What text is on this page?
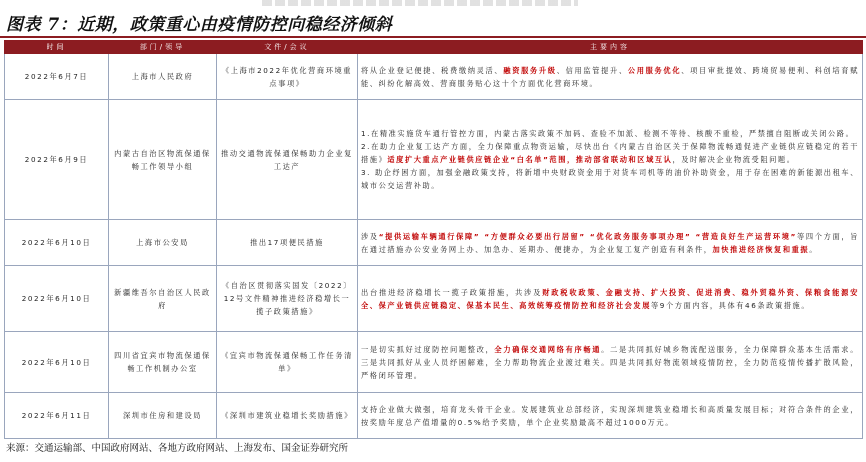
图表 7：近期，政策重心由疫情防控向稳经济倾斜
时间	部门/领导	文件/会议	主要内容
2022年6月7日	上海市人民政府	《上海市2022年优化营商环境重点事项》	将从企业登记便捷、税费缴纳灵活、融资服务升级、信用监管提升、公用服务优化、项目审批提效、跨境贸易便利、科创培育赋能、纠纷化解高效、营商服务贴心这十个方面优化营商环境。
2022年6月9日	内蒙古自治区物流保通保畅工作领导小组	推动交通物流保通保畅助力企业复工达产	1.在精准实施货车通行管控方面，内蒙古落实政策不加码、查验不加派、检测不等待、核酸不重检，严禁擅自阻断或关闭公路。
2.在助力企业复工达产方面，全力保障重点物资运输，尽快出台《内蒙古自治区关于保障物流畅通促进产业链供应链稳定的若干措施》适度扩大重点产业链供应链企业“白名单”范围，推动部省联动和区域互认，及时解决企业物流受阻问题。
3. 助企纾困方面，加强金融政策支持，将新增中央财政资金用于对货车司机等的油价补助资金，用于存在困难的新能源出租车、城市公交运营补助。
2022年6月10日	上海市公安局	推出17项便民措施	涉及“提供运输车辆通行保障” “方便群众必要出行居留” “优化政务服务事项办理” “营造良好生产运营环境”等四个方面，旨在通过措施办公安业务网上办、加急办、延期办、便捷办，为企业复工复产创造有利条件，加快推进经济恢复和重振。
2022年6月10日	新疆维吾尔自治区人民政府	《自治区贯彻落实国发〔2022〕12号文件精神推进经济稳增长一揽子政策措施》	出台推进经济稳增长一揽子政策措施，共涉及财政税收政策、金融支持、扩大投资、促进消费、稳外贸稳外资、保粮食能源安全、保产业链供应链稳定、保基本民生、高效统筹疫情防控和经济社会发展等9个方面内容，具体有46条政策措施。
2022年6月10日	四川省宜宾市物流保通保畅工作机制办公室	《宜宾市物流保通保畅工作任务清单》	一是切实抓好过度防控问题整改，全力确保交通网络有序畅通。二是共同抓好城乡物流配送服务，全力保障群众基本生活需求。三是共同抓好从业人员纾困解难，全力帮助物流企业渡过难关。四是共同抓好物流领域疫情防控，全力防范疫情传播扩散风险，严格闭环管理。
2022年6月11日	深圳市住房和建设局	《深圳市建筑业稳增长奖励措施》	支持企业做大做强，培育龙头骨干企业。发展建筑业总部经济，实现深圳建筑业稳增长和高质量发展目标；对符合条件的企业，按奖励年度总产值增量的0.5%给予奖励，单个企业奖励最高不超过1000万元。
来源：交通运输部、中国政府网站、各地方政府网站、上海发布、国金证券研究所
